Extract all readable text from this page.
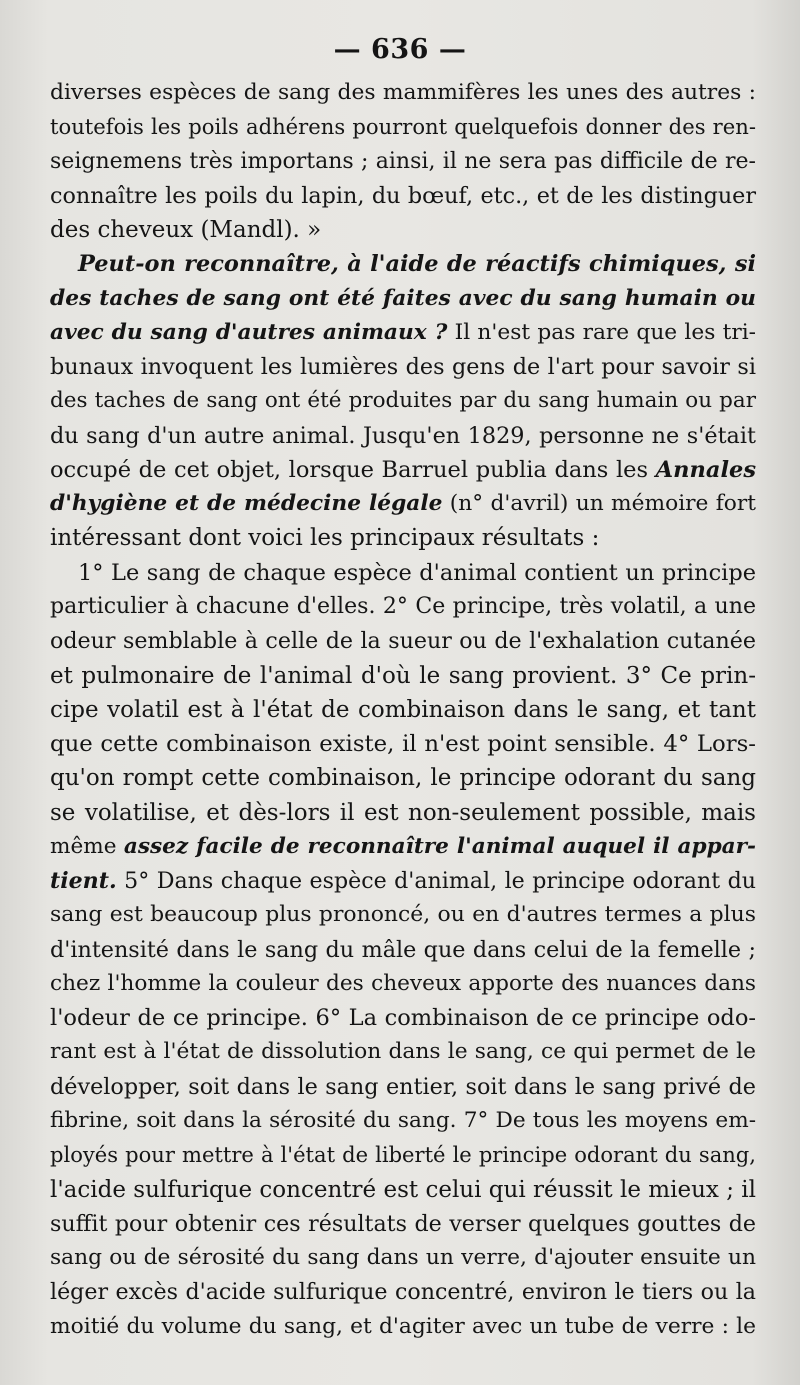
— 636 —
diverses espèces de sang des mammifères les unes des autres :
toutefois les poils adhérens pourront quelquefois donner des ren-
seignemens très importans ; ainsi, il ne sera pas difficile de re-
connaître les poils du lapin, du bœuf, etc., et de les distinguer
des cheveux (Mandl). »
Peut-on reconnaître, à l'aide de réactifs chimiques, si
des taches de sang ont été faites avec du sang humain ou
avec du sang d'autres animaux ? Il n'est pas rare que les tri-
bunaux invoquent les lumières des gens de l'art pour savoir si
des taches de sang ont été produites par du sang humain ou par
du sang d'un autre animal. Jusqu'en 1829, personne ne s'était
occupé de cet objet, lorsque Barruel publia dans les Annales
d'hygiène et de médecine légale (n° d'avril) un mémoire fort
intéressant dont voici les principaux résultats :
1° Le sang de chaque espèce d'animal contient un principe
particulier à chacune d'elles. 2° Ce principe, très volatil, a une
odeur semblable à celle de la sueur ou de l'exhalation cutanée
et pulmonaire de l'animal d'où le sang provient. 3° Ce prin-
cipe volatil est à l'état de combinaison dans le sang, et tant
que cette combinaison existe, il n'est point sensible. 4° Lors-
qu'on rompt cette combinaison, le principe odorant du sang
se volatilise, et dès-lors il est non-seulement possible, mais
même assez facile de reconnaître l'animal auquel il appar-
tient. 5° Dans chaque espèce d'animal, le principe odorant du
sang est beaucoup plus prononcé, ou en d'autres termes a plus
d'intensité dans le sang du mâle que dans celui de la femelle ;
chez l'homme la couleur des cheveux apporte des nuances dans
l'odeur de ce principe. 6° La combinaison de ce principe odo-
rant est à l'état de dissolution dans le sang, ce qui permet de le
développer, soit dans le sang entier, soit dans le sang privé de
fibrine, soit dans la sérosité du sang. 7° De tous les moyens em-
ployés pour mettre à l'état de liberté le principe odorant du sang,
l'acide sulfurique concentré est celui qui réussit le mieux ; il
suffit pour obtenir ces résultats de verser quelques gouttes de
sang ou de sérosité du sang dans un verre, d'ajouter ensuite un
léger excès d'acide sulfurique concentré, environ le tiers ou la
moitié du volume du sang, et d'agiter avec un tube de verre : le
